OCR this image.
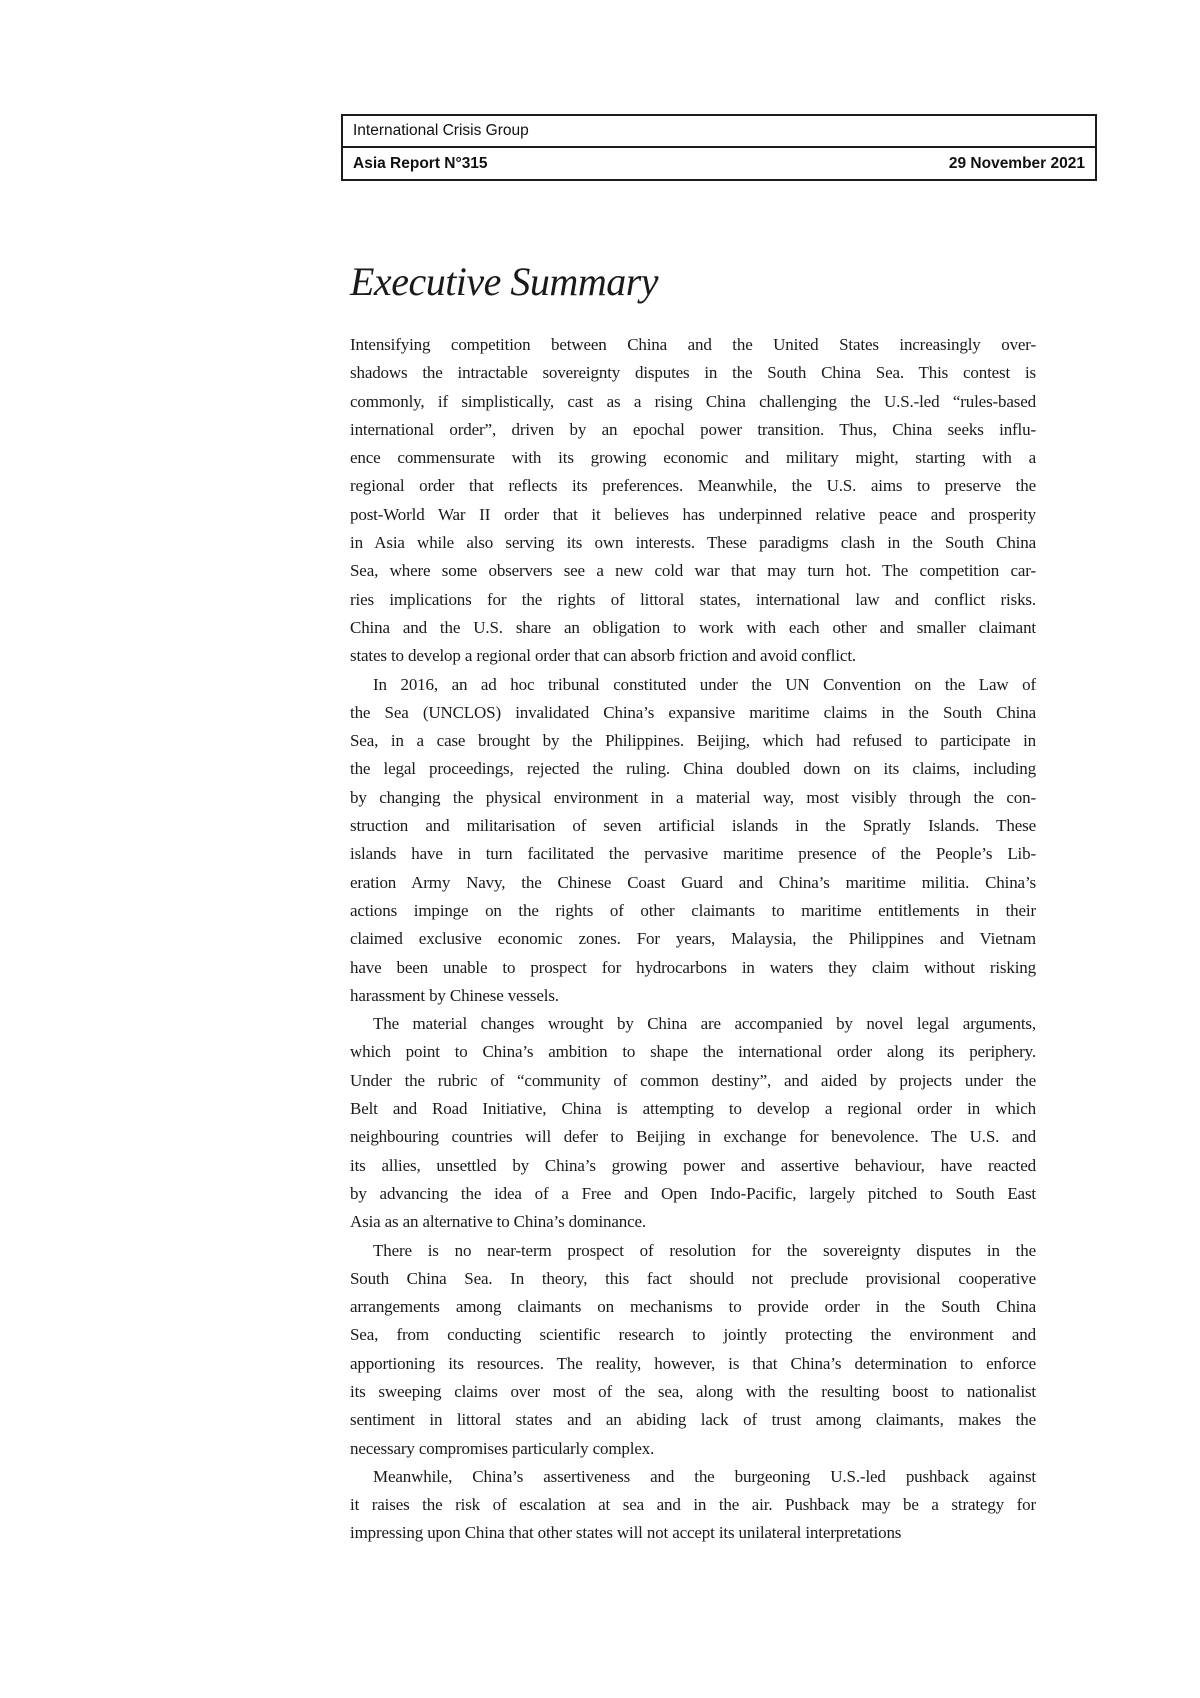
International Crisis Group
Asia Report N°315	29 November 2021
Executive Summary
Intensifying competition between China and the United States increasingly over-
shadows the intractable sovereignty disputes in the South China Sea. This contest is
commonly, if simplistically, cast as a rising China challenging the U.S.-led “rules-based
international order”, driven by an epochal power transition. Thus, China seeks influ-
ence commensurate with its growing economic and military might, starting with a
regional order that reflects its preferences. Meanwhile, the U.S. aims to preserve the
post-World War II order that it believes has underpinned relative peace and prosperity
in Asia while also serving its own interests. These paradigms clash in the South China
Sea, where some observers see a new cold war that may turn hot. The competition car-
ries implications for the rights of littoral states, international law and conflict risks.
China and the U.S. share an obligation to work with each other and smaller claimant
states to develop a regional order that can absorb friction and avoid conflict.
In 2016, an ad hoc tribunal constituted under the UN Convention on the Law of
the Sea (UNCLOS) invalidated China’s expansive maritime claims in the South China
Sea, in a case brought by the Philippines. Beijing, which had refused to participate in
the legal proceedings, rejected the ruling. China doubled down on its claims, including
by changing the physical environment in a material way, most visibly through the con-
struction and militarisation of seven artificial islands in the Spratly Islands. These
islands have in turn facilitated the pervasive maritime presence of the People’s Lib-
eration Army Navy, the Chinese Coast Guard and China’s maritime militia. China’s
actions impinge on the rights of other claimants to maritime entitlements in their
claimed exclusive economic zones. For years, Malaysia, the Philippines and Vietnam
have been unable to prospect for hydrocarbons in waters they claim without risking
harassment by Chinese vessels.
The material changes wrought by China are accompanied by novel legal arguments,
which point to China’s ambition to shape the international order along its periphery.
Under the rubric of “community of common destiny”, and aided by projects under the
Belt and Road Initiative, China is attempting to develop a regional order in which
neighbouring countries will defer to Beijing in exchange for benevolence. The U.S. and
its allies, unsettled by China’s growing power and assertive behaviour, have reacted
by advancing the idea of a Free and Open Indo-Pacific, largely pitched to South East
Asia as an alternative to China’s dominance.
There is no near-term prospect of resolution for the sovereignty disputes in the
South China Sea. In theory, this fact should not preclude provisional cooperative
arrangements among claimants on mechanisms to provide order in the South China
Sea, from conducting scientific research to jointly protecting the environment and
apportioning its resources. The reality, however, is that China’s determination to enforce
its sweeping claims over most of the sea, along with the resulting boost to nationalist
sentiment in littoral states and an abiding lack of trust among claimants, makes the
necessary compromises particularly complex.
Meanwhile, China’s assertiveness and the burgeoning U.S.-led pushback against
it raises the risk of escalation at sea and in the air. Pushback may be a strategy for
impressing upon China that other states will not accept its unilateral interpretations
